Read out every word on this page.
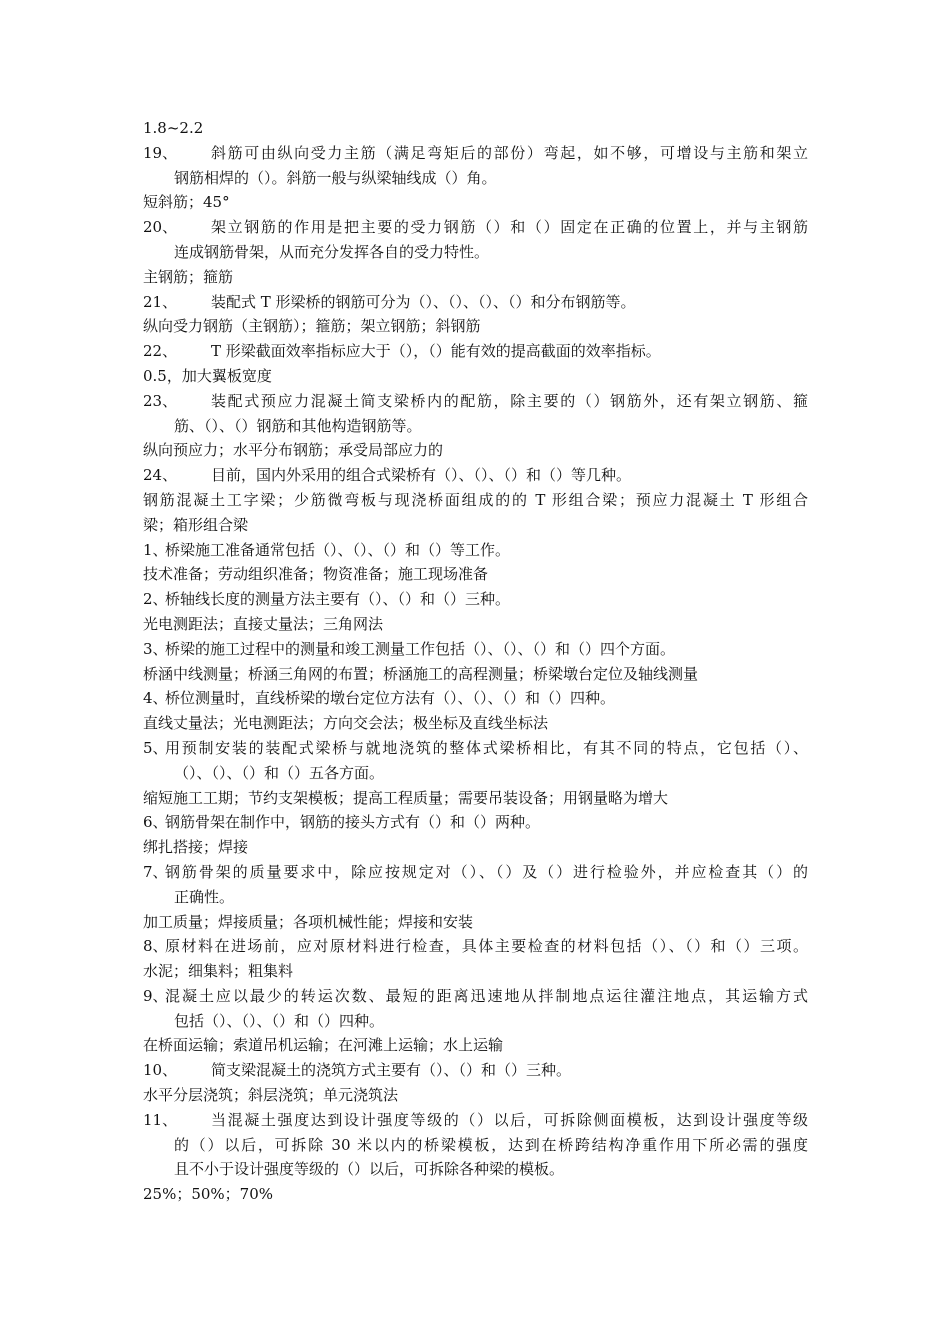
1.8~2.2
19、	斜筋可由纵向受力主筋（满足弯矩后的部份）弯起，如不够，可增设与主筋和架立
钢筋相焊的（）。斜筋一般与纵梁轴线成（）角。
短斜筋；45°
20、	架立钢筋的作用是把主要的受力钢筋（）和（）固定在正确的位置上，并与主钢筋
连成钢筋骨架，从而充分发挥各自的受力特性。
主钢筋；箍筋
21、	装配式 T 形梁桥的钢筋可分为（）、（）、（）、（）和分布钢筋等。
纵向受力钢筋（主钢筋）；箍筋；架立钢筋；斜钢筋
22、	T 形梁截面效率指标应大于（），（）能有效的提高截面的效率指标。
0.5，加大翼板宽度
23、	装配式预应力混凝土简支梁桥内的配筋，除主要的（）钢筋外，还有架立钢筋、箍
筋、（）、（）钢筋和其他构造钢筋等。
纵向预应力；水平分布钢筋；承受局部应力的
24、	目前，国内外采用的组合式梁桥有（）、（）、（）和（）等几种。
钢筋混凝土工字梁；少筋微弯板与现浇桥面组成的的 T 形组合梁；预应力混凝土 T 形组合
梁；箱形组合梁
1、
桥梁施工准备通常包括（）、（）、（）和（）等工作。
技术准备；劳动组织准备；物资准备；施工现场准备
2、
桥轴线长度的测量方法主要有（）、（）和（）三种。
光电测距法；直接丈量法；三角网法
3、
桥梁的施工过程中的测量和竣工测量工作包括（）、（）、（）和（）四个方面。
桥涵中线测量；桥涵三角网的布置；桥涵施工的高程测量；桥梁墩台定位及轴线测量
4、
桥位测量时，直线桥梁的墩台定位方法有（）、（）、（）和（）四种。
直线丈量法；光电测距法；方向交会法；极坐标及直线坐标法
5、
用预制安装的装配式梁桥与就地浇筑的整体式梁桥相比，有其不同的特点，它包括（）、
（）、（）、（）和（）五各方面。
缩短施工工期；节约支架模板；提高工程质量；需要吊装设备；用钢量略为增大
6、
钢筋骨架在制作中，钢筋的接头方式有（）和（）两种。
绑扎搭接；焊接
7、
钢筋骨架的质量要求中，除应按规定对（）、（）及（）进行检验外，并应检查其（）的
正确性。
加工质量；焊接质量；各项机械性能；焊接和安装
8、
原材料在进场前，应对原材料进行检查，具体主要检查的材料包括（）、（）和（）三项。
水泥；细集料；粗集料
9、
混凝土应以最少的转运次数、最短的距离迅速地从拌制地点运往灌注地点，其运输方式
包括（）、（）、（）和（）四种。
在桥面运输；索道吊机运输；在河滩上运输；水上运输
10、	简支梁混凝土的浇筑方式主要有（）、（）和（）三种。
水平分层浇筑；斜层浇筑；单元浇筑法
11、	当混凝土强度达到设计强度等级的（）以后，可拆除侧面模板，达到设计强度等级
的（）以后，可拆除 30 米以内的桥梁模板，达到在桥跨结构净重作用下所必需的强度
且不小于设计强度等级的（）以后，可拆除各种梁的模板。
25%；50%；70%
